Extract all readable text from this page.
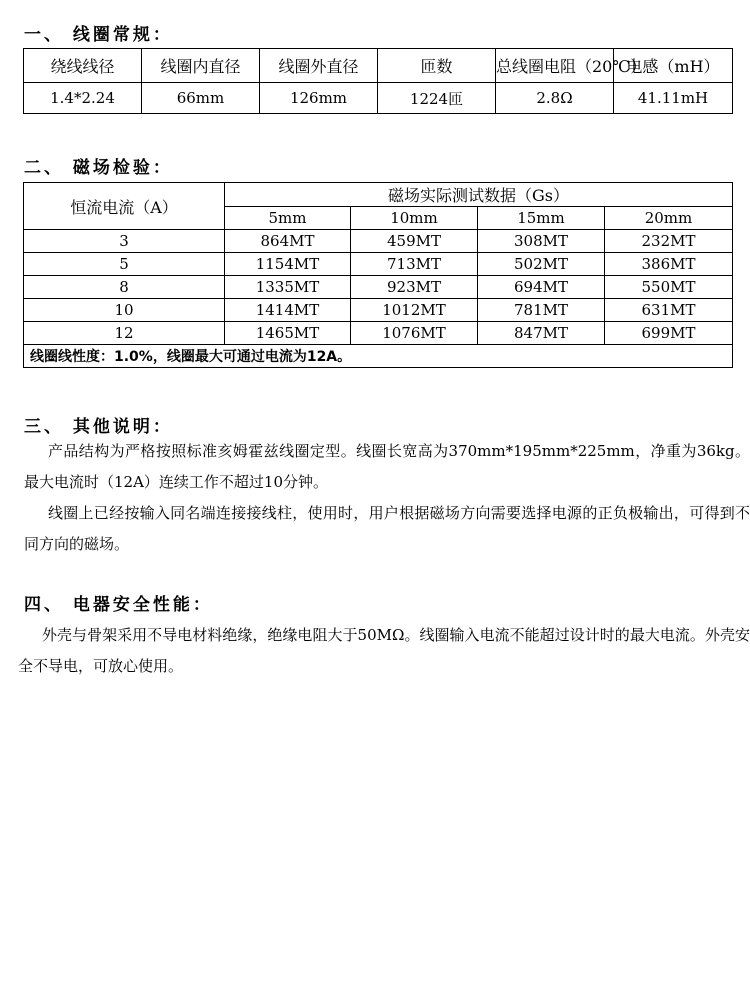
一、 线圈常规：
绕线线径	线圈内直径	线圈外直径	匝数	总线圈电阻（20℃）	电感（mH）
1.4*2.24	66mm	126mm	1224匝	2.8Ω	41.11mH
二、 磁场检验：
恒流电流（A）	磁场实际测试数据（Gs）			
	5mm	10mm	15mm	20mm
3	864MT	459MT	308MT	232MT
5	1154MT	713MT	502MT	386MT
8	1335MT	923MT	694MT	550MT
10	1414MT	1012MT	781MT	631MT
12	1465MT	1076MT	847MT	699MT
线圈线性度：1.0%，线圈最大可通过电流为12A。				
三、 其他说明：

产品结构为严格按照标准亥姆霍兹线圈定型。线圈长宽高为370mm*195mm*225mm，净重为36kg。最大电流时（12A）连续工作不超过10分钟。

线圈上已经按输入同名端连接接线柱，使用时，用户根据磁场方向需要选择电源的正负极输出，可得到不同方向的磁场。

四、 电器安全性能：

外壳与骨架采用不导电材料绝缘，绝缘电阻大于50MΩ。线圈输入电流不能超过设计时的最大电流。外壳安全不导电，可放心使用。
